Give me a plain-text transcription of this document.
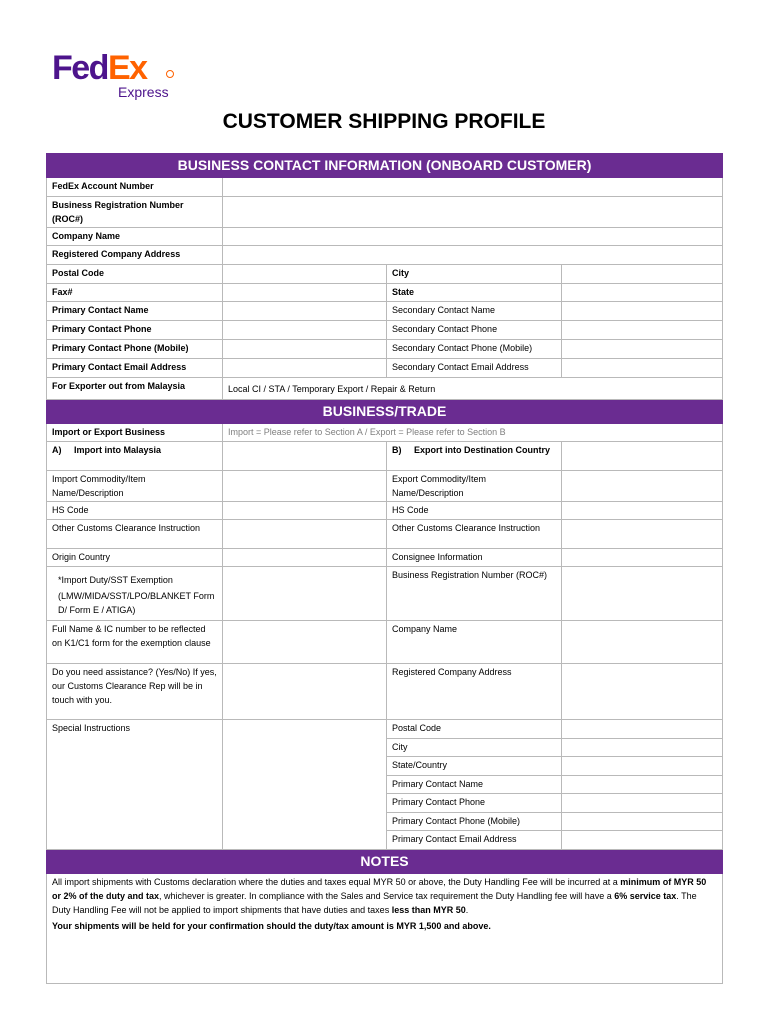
FedEx
Express
CUSTOMER SHIPPING PROFILE
BUSINESS CONTACT INFORMATION (ONBOARD CUSTOMER)			
FedEx Account Number			
Business Registration Number (ROC#)			
Company Name			
Registered Company Address			
Postal Code		City	
Fax#		State	
Primary Contact Name		Secondary Contact Name	
Primary Contact Phone		Secondary Contact Phone	
Primary Contact Phone (Mobile)		Secondary Contact Phone (Mobile)	
Primary Contact Email Address		Secondary Contact Email Address	
For Exporter out from Malaysia	Local CI / STA / Temporary Export / Repair & Return		
BUSINESS/TRADE			
Import or Export Business	Import = Please refer to Section A / Export = Please refer to Section B		
A) Import into Malaysia		B) Export into Destination Country	
Import Commodity/Item Name/Description		Export Commodity/Item Name/Description	
HS Code		HS Code	
Other Customs Clearance Instruction		Other Customs Clearance Instruction	
Origin Country		Consignee Information	
*Import Duty/SST Exemption (LMW/MIDA/SST/LPO/BLANKET Form D/ Form E / ATIGA)		Business Registration Number (ROC#)	
Full Name & IC number to be reflected on K1/C1 form for the exemption clause		Company Name	
Do you need assistance? (Yes/No) If yes, our Customs Clearance Rep will be in touch with you.		Registered Company Address	
Special Instructions		Postal Code	
		City	
		State/Country	
		Primary Contact Name	
		Primary Contact Phone	
		Primary Contact Phone (Mobile)	
		Primary Contact Email Address	
NOTES			

All import shipments with Customs declaration where the duties and taxes equal MYR 50 or above, the Duty Handling Fee will be incurred at a minimum of MYR 50 or 2% of the duty and tax, whichever is greater. In compliance with the Sales and Service tax requirement the Duty Handling fee will have a 6% service tax. The Duty Handling Fee will not be applied to import shipments that have duties and taxes less than MYR 50.
Your shipments will be held for your confirmation should the duty/tax amount is MYR 1,500 and above.			
